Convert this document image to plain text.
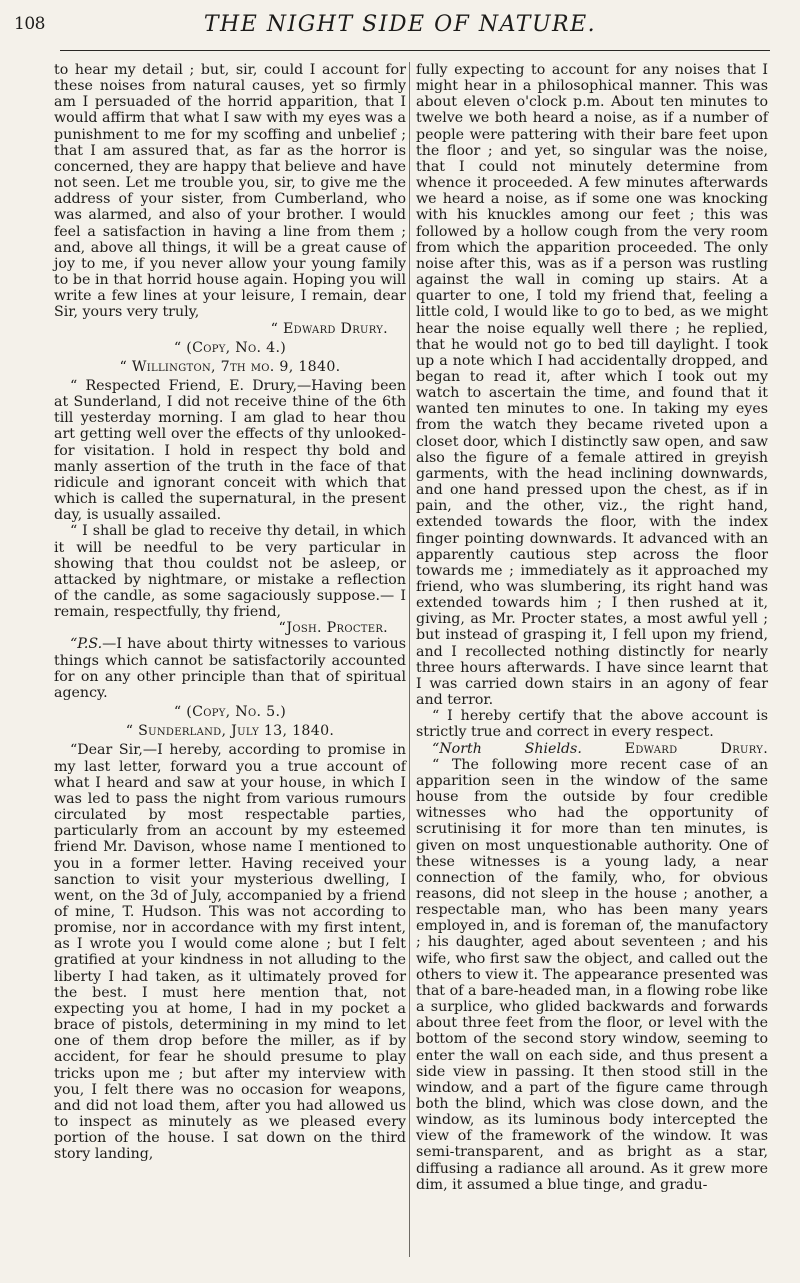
108	THE NIGHT SIDE OF NATURE.

to hear my detail ; but, sir, could I account for these noises from natural causes, yet so firmly am I persuaded of the horrid apparition, that I would affirm that what I saw with my eyes was a punishment to me for my scoffing and unbelief ; that I am assured that, as far as the horror is concerned, they are happy that believe and have not seen. Let me trouble you, sir, to give me the address of your sister, from Cumberland, who was alarmed, and also of your brother. I would feel a satisfaction in having a line from them ; and, above all things, it will be a great cause of joy to me, if you never allow your young family to be in that horrid house again. Hoping you will write a few lines at your leisure, I remain, dear Sir, yours very truly,

“ Edward Drury.

“ (Copy, No. 4.)

“ Willington, 7th mo. 9, 1840.

“ Respected Friend, E. Drury,—Having been at Sunderland, I did not receive thine of the 6th till yesterday morning. I am glad to hear thou art getting well over the effects of thy unlooked-for visitation. I hold in respect thy bold and manly assertion of the truth in the face of that ridicule and ignorant conceit with which that which is called the supernatural, in the present day, is usually assailed.

“ I shall be glad to receive thy detail, in which it will be needful to be very particular in showing that thou couldst not be asleep, or attacked by nightmare, or mistake a reflection of the candle, as some sagaciously suppose.— I remain, respectfully, thy friend,

“Josh. Procter.

“P.S.—I have about thirty witnesses to various things which cannot be satisfactorily accounted for on any other principle than that of spiritual agency.

“ (Copy, No. 5.)

“ Sunderland, July 13, 1840.

“Dear Sir,—I hereby, according to promise in my last letter, forward you a true account of what I heard and saw at your house, in which I was led to pass the night from various rumours circulated by most respectable parties, particularly from an account by my esteemed friend Mr. Davison, whose name I mentioned to you in a former letter. Having received your sanction to visit your mysterious dwelling, I went, on the 3d of July, accompanied by a friend of mine, T. Hudson. This was not according to promise, nor in accordance with my first intent, as I wrote you I would come alone ; but I felt gratified at your kindness in not alluding to the liberty I had taken, as it ultimately proved for the best. I must here mention that, not expecting you at home, I had in my pocket a brace of pistols, determining in my mind to let one of them drop before the miller, as if by accident, for fear he should presume to play tricks upon me ; but after my interview with you, I felt there was no occasion for weapons, and did not load them, after you had allowed us to inspect as minutely as we pleased every portion of the house. I sat down on the third story landing,

fully expecting to account for any noises that I might hear in a philosophical manner. This was about eleven o'clock p.m. About ten minutes to twelve we both heard a noise, as if a number of people were pattering with their bare feet upon the floor ; and yet, so singular was the noise, that I could not minutely determine from whence it proceeded. A few minutes afterwards we heard a noise, as if some one was knocking with his knuckles among our feet ; this was followed by a hollow cough from the very room from which the apparition proceeded. The only noise after this, was as if a person was rustling against the wall in coming up stairs. At a quarter to one, I told my friend that, feeling a little cold, I would like to go to bed, as we might hear the noise equally well there ; he replied, that he would not go to bed till daylight. I took up a note which I had accidentally dropped, and began to read it, after which I took out my watch to ascertain the time, and found that it wanted ten minutes to one. In taking my eyes from the watch they became riveted upon a closet door, which I distinctly saw open, and saw also the figure of a female attired in greyish garments, with the head inclining downwards, and one hand pressed upon the chest, as if in pain, and the other, viz., the right hand, extended towards the floor, with the index finger pointing downwards. It advanced with an apparently cautious step across the floor towards me ; immediately as it approached my friend, who was slumbering, its right hand was extended towards him ; I then rushed at it, giving, as Mr. Procter states, a most awful yell ; but instead of grasping it, I fell upon my friend, and I recollected nothing distinctly for nearly three hours afterwards. I have since learnt that I was carried down stairs in an agony of fear and terror.

“ I hereby certify that the above account is strictly true and correct in every respect.

“North Shields.	Edward Drury.

“ The following more recent case of an apparition seen in the window of the same house from the outside by four credible witnesses who had the opportunity of scrutinising it for more than ten minutes, is given on most unquestionable authority. One of these witnesses is a young lady, a near connection of the family, who, for obvious reasons, did not sleep in the house ; another, a respectable man, who has been many years employed in, and is foreman of, the manufactory ; his daughter, aged about seventeen ; and his wife, who first saw the object, and called out the others to view it. The appearance presented was that of a bare-headed man, in a flowing robe like a surplice, who glided backwards and forwards about three feet from the floor, or level with the bottom of the second story window, seeming to enter the wall on each side, and thus present a side view in passing. It then stood still in the window, and a part of the figure came through both the blind, which was close down, and the window, as its luminous body intercepted the view of the framework of the window. It was semi-transparent, and as bright as a star, diffusing a radiance all around. As it grew more dim, it assumed a blue tinge, and gradu-
